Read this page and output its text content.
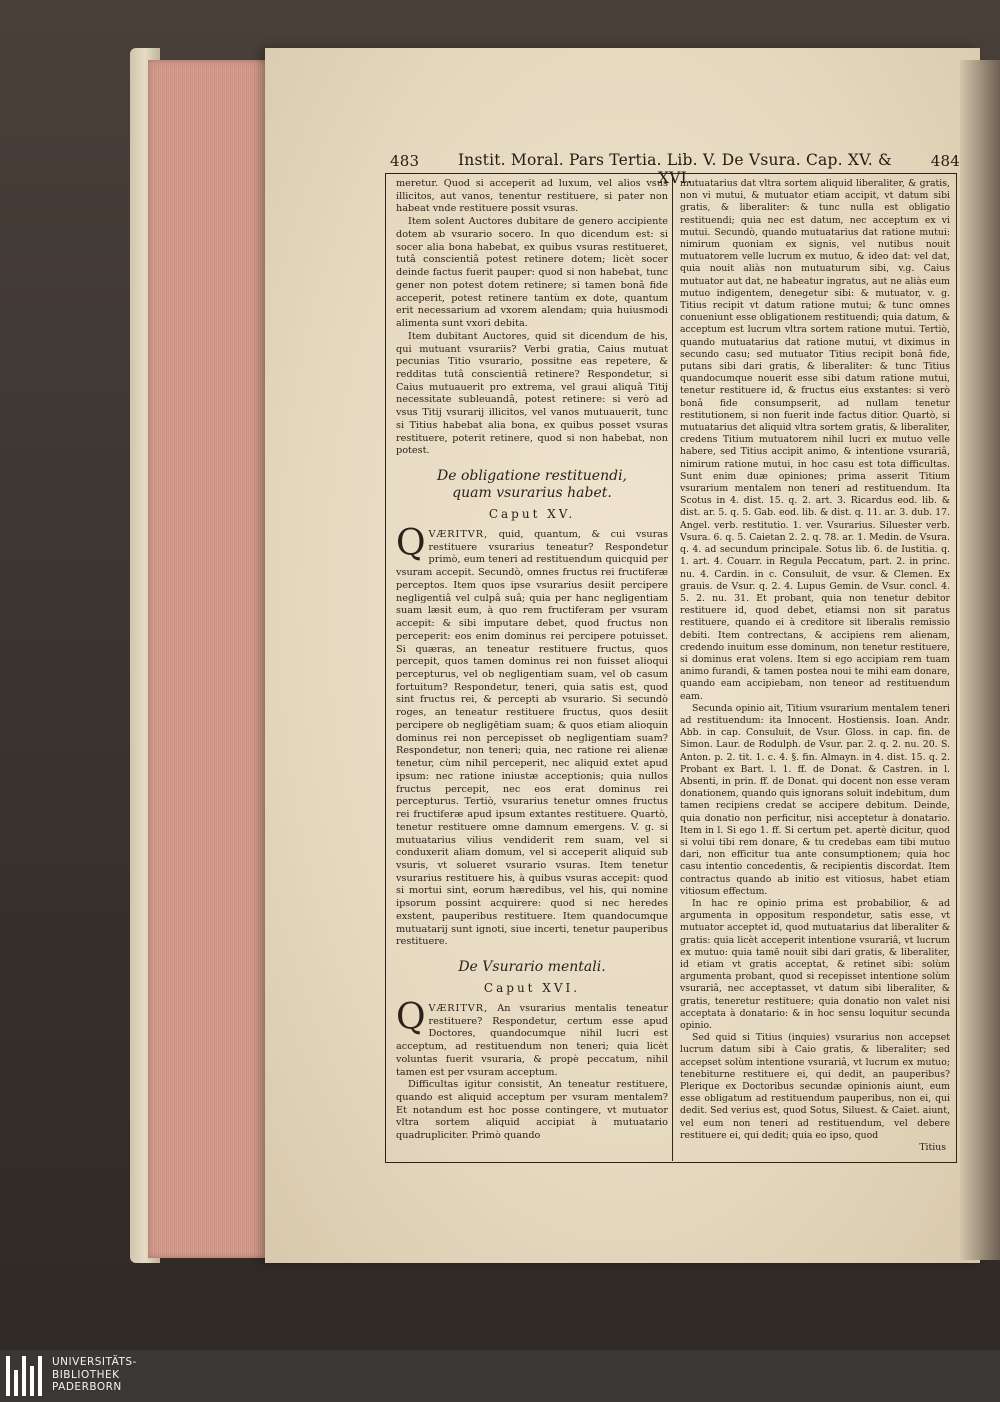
483	Instit. Moral. Pars Tertia. Lib. V. De Vsura. Cap. XV. & XVI.
484

meretur. Quod si acceperit ad luxum, vel alios vsus illicitos, aut vanos, tenentur restituere, si pater non habeat vnde restituere possit vsuras.

Item solent Auctores dubitare de genero accipiente dotem ab vsurario socero. In quo dicendum est: si socer alia bona habebat, ex quibus vsuras restitueret, tutâ conscientiâ potest retinere dotem; licèt socer deinde factus fuerit pauper: quod si non habebat, tunc gener non potest dotem retinere; si tamen bonâ fide acceperit, potest retinere tantùm ex dote, quantum erit necessarium ad vxorem alendam; quia huiusmodi alimenta sunt vxori debita.

Item dubitant Auctores, quid sit dicendum de his, qui mutuant vsurariis? Verbi gratia, Caius mutuat pecunias Titio vsurario, possitne eas repetere, & redditas tutâ conscientiâ retinere? Respondetur, si Caius mutuauerit pro extrema, vel graui aliquâ Titij necessitate subleuandâ, potest retinere: si verò ad vsus Titij vsurarij illicitos, vel vanos mutuauerit, tunc si Titius habebat alia bona, ex quibus posset vsuras restituere, poterit retinere, quod si non habebat, non potest.

De obligatione restituendi, quam vsurarius habet.
Caput XV.

Q VÆRITVR, quid, quantum, & cui vsuras restituere vsurarius teneatur? Respondetur primò, eum teneri ad restituendum quicquid per vsuram accepit. Secundò, omnes fructus rei fructiferæ perceptos. Item quos ipse vsurarius desiit percipere negligentiâ vel culpâ suâ; quia per hanc negligentiam suam læsit eum, à quo rem fructiferam per vsuram accepit: & sibi imputare debet, quod fructus non perceperit: eos enim dominus rei percipere potuisset. Si quæras, an teneatur restituere fructus, quos percepit, quos tamen dominus rei non fuisset alioqui percepturus, vel ob negligentiam suam, vel ob casum fortuitum? Respondetur, teneri, quia satis est, quod sint fructus rei, & percepti ab vsurario. Si secundò roges, an teneatur restituere fructus, quos desiit percipere ob negligētiam suam; & quos etiam alioquin dominus rei non percepisset ob negligentiam suam? Respondetur, non teneri; quia, nec ratione rei alienæ tenetur, cùm nihil perceperit, nec aliquid extet apud ipsum: nec ratione iniustæ acceptionis; quia nullos fructus percepit, nec eos erat dominus rei percepturus. Tertiò, vsurarius tenetur omnes fructus rei fructiferæ apud ipsum extantes restituere. Quartò, tenetur restituere omne damnum emergens. V. g. si mutuatarius vilius vendiderit rem suam, vel si conduxerit aliam domum, vel si acceperit aliquid sub vsuris, vt solueret vsurario vsuras. Item tenetur vsurarius restituere his, à quibus vsuras accepit: quod si mortui sint, eorum hæredibus, vel his, qui nomine ipsorum possint acquirere: quod si nec heredes exstent, pauperibus restituere. Item quandocumque mutuatarij sunt ignoti, siue incerti, tenetur pauperibus restituere.

De Vsurario mentali.
Caput XVI.

Q VÆRITVR, An vsurarius mentalis teneatur restituere? Respondetur, certum esse apud Doctores, quandocumque nihil lucri est acceptum, ad restituendum non teneri; quia licèt voluntas fuerit vsuraria, & propè peccatum, nihil tamen est per vsuram acceptum.

Difficultas igitur consistit, An teneatur restituere, quando est aliquid acceptum per vsuram mentalem? Et notandum est hoc posse contingere, vt mutuator vltra sortem aliquid accipiat à mutuatario quadrupliciter. Primò quando

mutuatarius dat vltra sortem aliquid liberaliter, & gratis, non vi mutui, & mutuator etiam accipit, vt datum sibi gratis, & liberaliter: & tunc nulla est obligatio restituendi; quia nec est datum, nec acceptum ex vi mutui. Secundò, quando mutuatarius dat ratione mutui: nimirum quoniam ex signis, vel nutibus nouit mutuatorem velle lucrum ex mutuo, & ideo dat: vel dat, quia nouit aliàs non mutuaturum sibi, v.g. Caius mutuator aut dat, ne habeatur ingratus, aut ne aliàs eum mutuo indigentem, denegetur sibi: & mutuator, v. g. Titius recipit vt datum ratione mutui; & tunc omnes conueniunt esse obligationem restituendi; quia datum, & acceptum est lucrum vltra sortem ratione mutui. Tertiò, quando mutuatarius dat ratione mutui, vt diximus in secundo casu; sed mutuator Titius recipit bonâ fide, putans sibi dari gratis, & liberaliter: & tunc Titius quandocumque nouerit esse sibi datum ratione mutui, tenetur restituere id, & fructus eius exstantes: si verò bonâ fide consumpserit, ad nullam tenetur restitutionem, si non fuerit inde factus ditior. Quartò, si mutuatarius det aliquid vltra sortem gratis, & liberaliter, credens Titium mutuatorem nihil lucri ex mutuo velle habere, sed Titius accipit animo, & intentione vsurariâ, nimirum ratione mutui, in hoc casu est tota difficultas. Sunt enim duæ opiniones; prima asserit Titium vsurarium mentalem non teneri ad restituendum. Ita Scotus in 4. dist. 15. q. 2. art. 3. Ricardus eod. lib. & dist. ar. 5. q. 5. Gab. eod. lib. & dist. q. 11. ar. 3. dub. 17. Angel. verb. restitutio. 1. ver. Vsurarius. Siluester verb. Vsura. 6. q. 5. Caietan 2. 2. q. 78. ar. 1. Medin. de Vsura. q. 4. ad secundum principale. Sotus lib. 6. de Iustitia. q. 1. art. 4. Couarr. in Regula Peccatum, part. 2. in princ. nu. 4. Cardin. in c. Consuluit, de vsur. & Clemen. Ex grauis. de Vsur. q. 2. 4. Lupus Gemin. de Vsur. concl. 4. 5. 2. nu. 31. Et probant, quia non tenetur debitor restituere id, quod debet, etiamsi non sit paratus restituere, quando ei à creditore sit liberalis remissio debiti. Item contrectans, & accipiens rem alienam, credendo inuitum esse dominum, non tenetur restituere, si dominus erat volens. Item si ego accipiam rem tuam animo furandi, & tamen postea noui te mihi eam donare, quando eam accipiebam, non teneor ad restituendum eam.

Secunda opinio ait, Titium vsurarium mentalem teneri ad restituendum: ita Innocent. Hostiensis. Ioan. Andr. Abb. in cap. Consuluit, de Vsur. Gloss. in cap. fin. de Simon. Laur. de Rodulph. de Vsur. par. 2. q. 2. nu. 20. S. Anton. p. 2. tit. 1. c. 4. §. fin. Almayn. in 4. dist. 15. q. 2. Probant ex Bart. l. 1. ff. de Donat. & Castren. in l. Absenti, in prin. ff. de Donat. qui docent non esse veram donationem, quando quis ignorans soluit indebitum, dum tamen recipiens credat se accipere debitum. Deinde, quia donatio non perficitur, nisi acceptetur à donatario. Item in l. Si ego 1. ff. Si certum pet. apertè dicitur, quod si volui tibi rem donare, & tu credebas eam tibi mutuo dari, non efficitur tua ante consumptionem; quia hoc casu intentio concedentis, & recipientis discordat. Item contractus quando ab initio est vitiosus, habet etiam vitiosum effectum.

In hac re opinio prima est probabilior, & ad argumenta in oppositum respondetur, satis esse, vt mutuator acceptet id, quod mutuatarius dat liberaliter & gratis: quia licèt acceperit intentione vsurariâ, vt lucrum ex mutuo: quia tamē nouit sibi dari gratis, & liberaliter, id etiam vt gratis acceptat, & retinet sibi: solùm argumenta probant, quod si recepisset intentione solùm vsurariâ, nec acceptasset, vt datum sibi liberaliter, & gratis, teneretur restituere; quia donatio non valet nisi acceptata à donatario: & in hoc sensu loquitur secunda opinio.

Sed quid si Titius (inquies) vsurarius non accepset lucrum datum sibi à Caio gratis, & liberaliter; sed accepset solùm intentione vsurariâ, vt lucrum ex mutuo; tenebiturne restituere ei, qui dedit, an pauperibus? Plerique ex Doctoribus secundæ opinionis aiunt, eum esse obligatum ad restituendum pauperibus, non ei, qui dedit. Sed verius est, quod Sotus, Siluest. & Caiet. aiunt, vel eum non teneri ad restituendum, vel debere restituere ei, qui dedit; quia eo ipso, quod

Titius
UNIVERSITÄTS-
BIBLIOTHEK
PADERBORN
